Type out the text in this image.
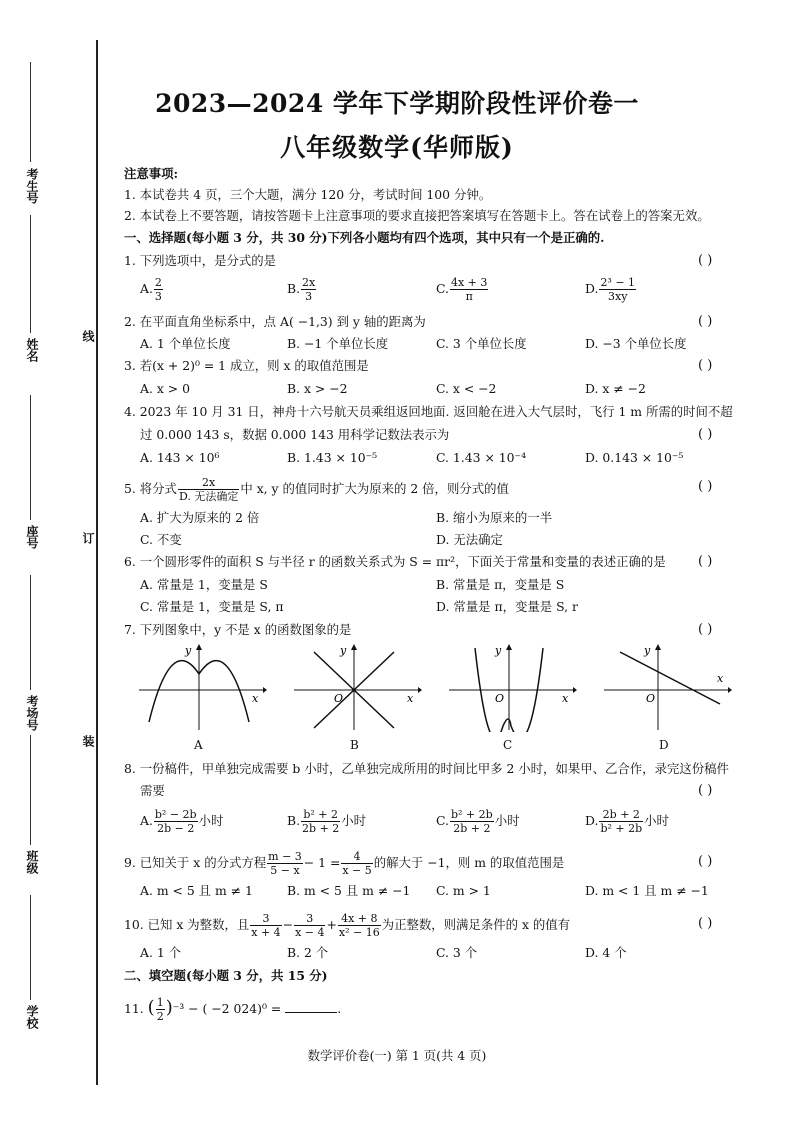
考生号
姓名
座号
考场号
班级
学校
线
订
装
2023—2024 学年下学期阶段性评价卷一
八年级数学(华师版)
注意事项:
1. 本试卷共 4 页，三个大题，满分 120 分，考试时间 100 分钟。
2. 本试卷上不要答题，请按答题卡上注意事项的要求直接把答案填写在答题卡上。答在试卷上的答案无效。
一、选择题(每小题 3 分，共 30 分)下列各小题均有四个选项，其中只有一个是正确的.
1. 下列选项中，是分式的是	( )
A. $\frac{2}{3}$	B. $\frac{2x}{3}$	C. $\frac{4x + 3}{\pi}$	D. $\frac{\text{2³ − 1}}{3xy}$
2. 在平面直角坐标系中，点 A( −1,3) 到 y 轴的距离为	( )
A. 1 个单位长度	B. −1 个单位长度	C. 3 个单位长度	D. −3 个单位长度
3. 若(x + 2)⁰ = 1 成立，则 x 的取值范围是	( )
A. x > 0	B. x > −2	C. x < −2	D. x ≠ −2
4. 2023 年 10 月 31 日，神舟十六号航天员乘组返回地面. 返回舱在进入大气层时，飞行 1 m 所需的时间不超
过 0.000 143 s，数据 0.000 143 用科学记数法表示为	( )
A. 143 × 10⁶	B. 1.43 × 10⁻⁵	C. 1.43 × 10⁻⁴	D. 0.143 × 10⁻⁵
5. 将分式 $\frac{2x}{\text{D. 无法确定}}$ 中 x, y 的值同时扩大为原来的 2 倍，则分式的值	( )
A. 扩大为原来的 2 倍	B. 缩小为原来的一半
C. 不变	D. 无法确定
6. 一个圆形零件的面积 S 与半径 r 的函数关系式为 S = πr²，下面关于常量和变量的表述正确的是 ( )
A. 常量是 1，变量是 S	B. 常量是 π，变量是 S
C. 常量是 1，变量是 S, π	D. 常量是 π，变量是 S, r
7. 下列图象中，y 不是 x 的函数图象的是	( )
y
x
y
x
O
y
x
O
y
x
O
A	B	C	D
8. 一份稿件，甲单独完成需要 b 小时，乙单独完成所用的时间比甲多 2 小时，如果甲、乙合作，录完这份稿件
需要	( )
A. $\frac{\text{b² − 2b}}{2b - 2}$ 小时	B. $\frac{\text{b² + 2}}{2b + 2}$ 小时	C. $\frac{\text{b² + 2b}}{2b + 2}$ 小时	D. $\frac{2b + 2}{\text{b² + 2b}}$ 小时
9. 已知关于 x 的分式方程 $\frac{m - 3}{5 - x} - 1 = \frac{4}{x - 5}$ 的解大于 −1，则 m 的取值范围是	( )
A. m < 5 且 m ≠ 1	B. m < 5 且 m ≠ −1 C. m > 1	D. m < 1 且 m ≠ −1
10. 已知 x 为整数，且 $\frac{3}{x + 4} - \frac{3}{x - 4} + \frac{4x + 8}{\text{x² − 16}}$ 为正整数，则满足条件的 x 的值有	( )
A. 1 个	B. 2 个	C. 3 个	D. 4 个
二、填空题(每小题 3 分，共 15 分)
11. ( $\frac{1}{2} )^{-3}$ − ( −2 024)⁰ =	.
数学评价卷(一) 第 1 页(共 4 页)
